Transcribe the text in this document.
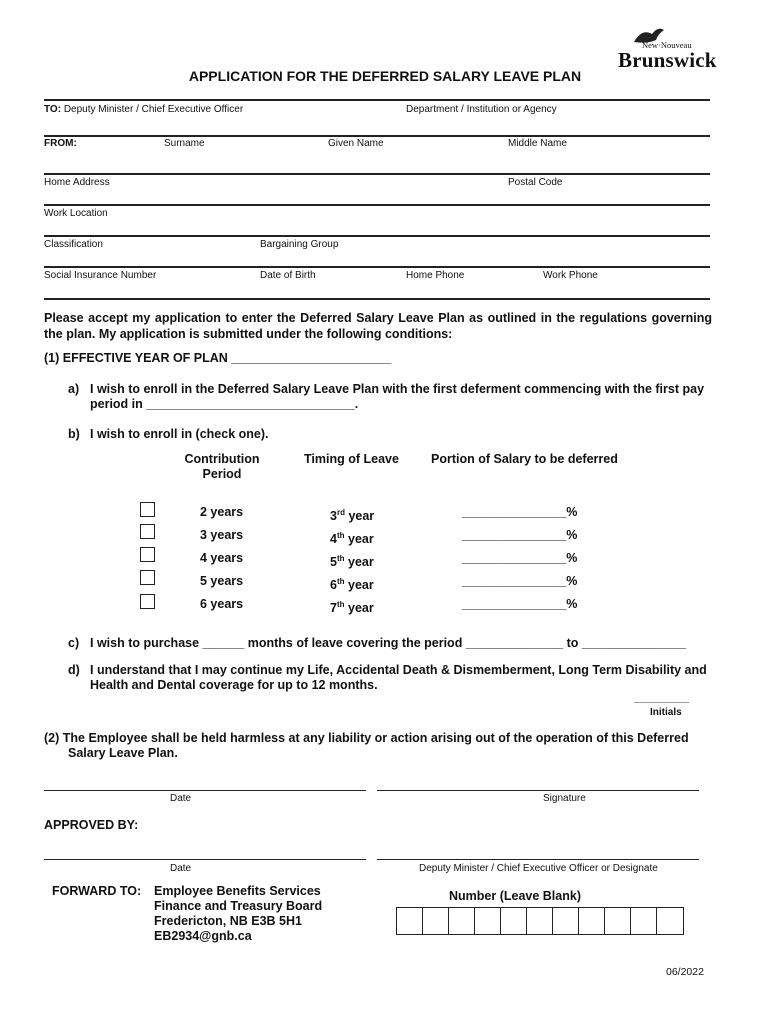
New·Nouveau
Brunswick
APPLICATION FOR THE DEFERRED SALARY LEAVE PLAN
TO: Deputy Minister / Chief Executive Officer	Department / Institution or Agency
FROM:	Surname	Given Name	Middle Name
Home Address	Postal Code
Work Location
Classification	Bargaining Group
Social Insurance Number	Date of Birth	Home Phone	Work Phone
Please accept my application to enter the Deferred Salary Leave Plan as outlined in the regulations governing the plan. My application is submitted under the following conditions:
(1) EFFECTIVE YEAR OF PLAN _______________________
a) I wish to enroll in the Deferred Salary Leave Plan with the first deferment commencing with the first pay
period in ______________________________.
b) I wish to enroll in (check one).
Contribution
Period
Timing of Leave	Portion of Salary to be deferred
2 years	3rd year	_______________%
3 years	4th year	_______________%
4 years	5th year	_______________%
5 years	6th year	_______________%
6 years	7th year	_______________%
c) I wish to purchase ______ months of leave covering the period ______________ to _______________
d) I understand that I may continue my Life, Accidental Death & Dismemberment, Long Term Disability and
Health and Dental coverage for up to 12 months.
_________
Initials
(2) The Employee shall be held harmless at any liability or action arising out of the operation of this Deferred
Salary Leave Plan.
Date	Signature
APPROVED BY:
Date	Deputy Minister / Chief Executive Officer or Designate
FORWARD TO: Employee Benefits Services
Finance and Treasury Board
Fredericton, NB E3B 5H1
EB2934@gnb.ca
Number (Leave Blank)
06/2022
